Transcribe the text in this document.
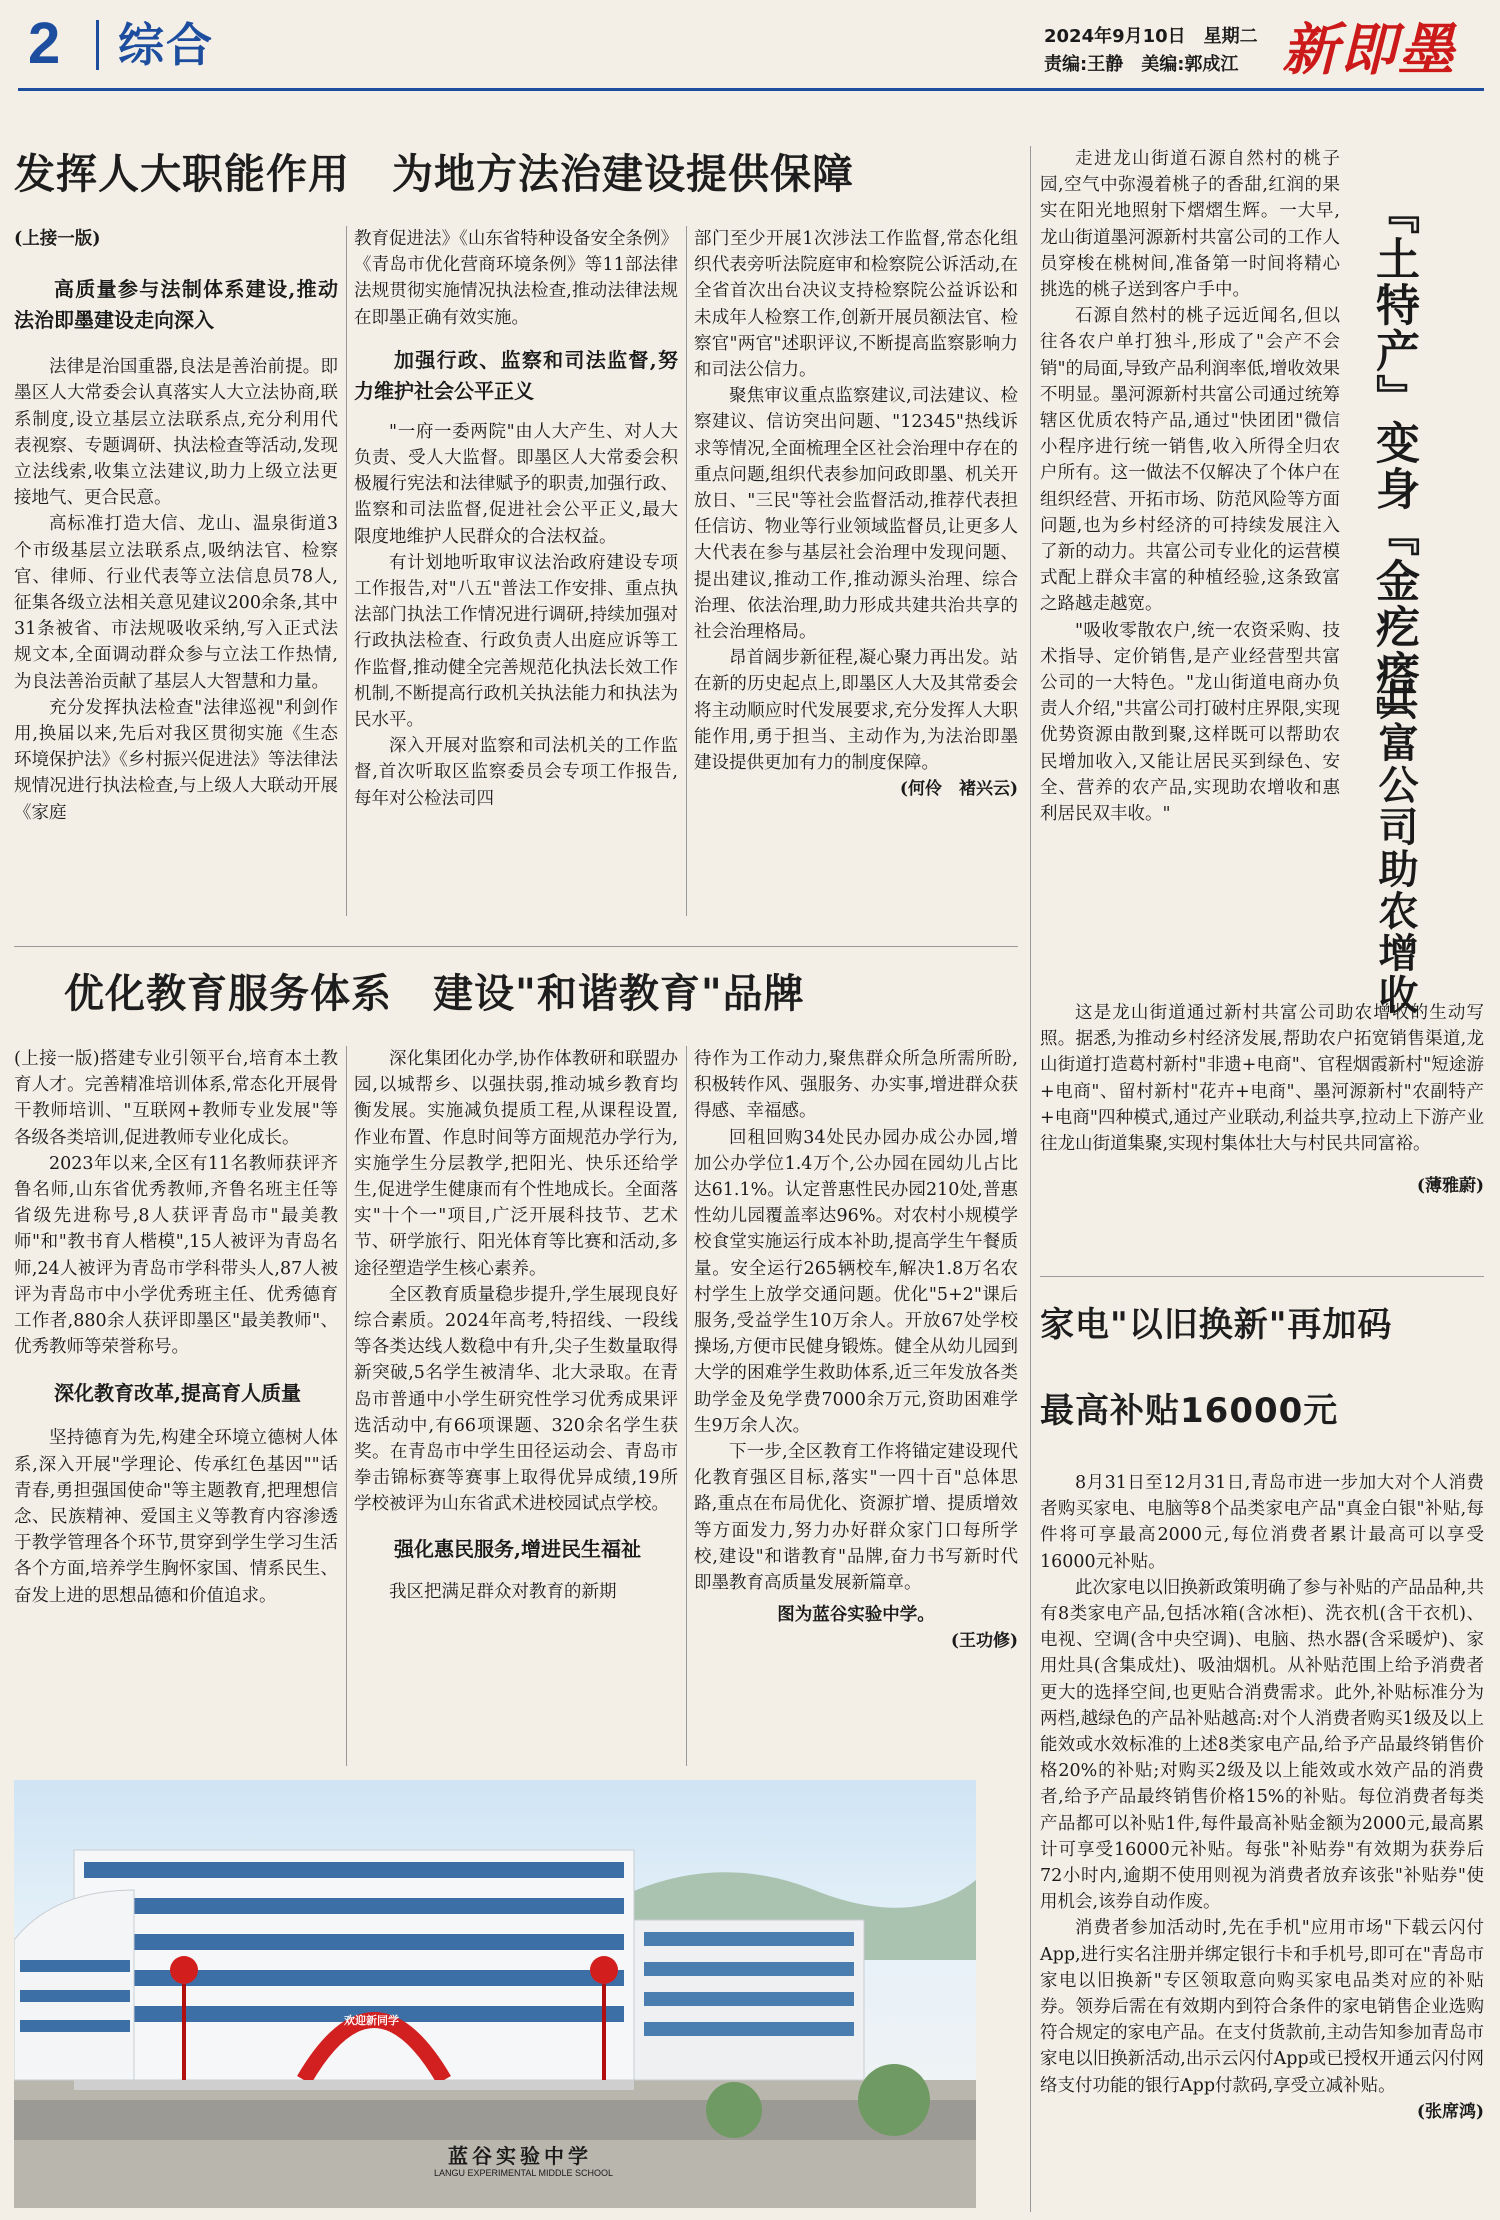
2 综合	2024年9月10日　星期二
责编:王静　美编:郭成江 新即墨
发挥人大职能作用　为地方法治建设提供保障

(上接一版)

高质量参与法制体系建设,推动法治即墨建设走向深入

法律是治国重器,良法是善治前提。即墨区人大常委会认真落实人大立法协商,联系制度,设立基层立法联系点,充分利用代表视察、专题调研、执法检查等活动,发现立法线索,收集立法建议,助力上级立法更接地气、更合民意。

高标准打造大信、龙山、温泉街道3个市级基层立法联系点,吸纳法官、检察官、律师、行业代表等立法信息员78人,征集各级立法相关意见建议200余条,其中31条被省、市法规吸收采纳,写入正式法规文本,全面调动群众参与立法工作热情,为良法善治贡献了基层人大智慧和力量。

充分发挥执法检查"法律巡视"利剑作用,换届以来,先后对我区贯彻实施《生态环境保护法》《乡村振兴促进法》等法律法规情况进行执法检查,与上级人大联动开展《家庭

教育促进法》《山东省特种设备安全条例》《青岛市优化营商环境条例》等11部法律法规贯彻实施情况执法检查,推动法律法规在即墨正确有效实施。

加强行政、监察和司法监督,努力维护社会公平正义

"一府一委两院"由人大产生、对人大负责、受人大监督。即墨区人大常委会积极履行宪法和法律赋予的职责,加强行政、监察和司法监督,促进社会公平正义,最大限度地维护人民群众的合法权益。

有计划地听取审议法治政府建设专项工作报告,对"八五"普法工作安排、重点执法部门执法工作情况进行调研,持续加强对行政执法检查、行政负责人出庭应诉等工作监督,推动健全完善规范化执法长效工作机制,不断提高行政机关执法能力和执法为民水平。

深入开展对监察和司法机关的工作监督,首次听取区监察委员会专项工作报告,每年对公检法司四

部门至少开展1次涉法工作监督,常态化组织代表旁听法院庭审和检察院公诉活动,在全省首次出台决议支持检察院公益诉讼和未成年人检察工作,创新开展员额法官、检察官"两官"述职评议,不断提高监察影响力和司法公信力。

聚焦审议重点监察建议,司法建议、检察建议、信访突出问题、"12345"热线诉求等情况,全面梳理全区社会治理中存在的重点问题,组织代表参加问政即墨、机关开放日、"三民"等社会监督活动,推荐代表担任信访、物业等行业领域监督员,让更多人大代表在参与基层社会治理中发现问题、提出建议,推动工作,推动源头治理、综合治理、依法治理,助力形成共建共治共享的社会治理格局。

昂首阔步新征程,凝心聚力再出发。站在新的历史起点上,即墨区人大及其常委会将主动顺应时代发展要求,充分发挥人大职能作用,勇于担当、主动作为,为法治即墨建设提供更加有力的制度保障。

(何伶　褚兴云)
优化教育服务体系　建设"和谐教育"品牌

(上接一版)搭建专业引领平台,培育本土教育人才。完善精准培训体系,常态化开展骨干教师培训、"互联网+教师专业发展"等各级各类培训,促进教师专业化成长。

2023年以来,全区有11名教师获评齐鲁名师,山东省优秀教师,齐鲁名班主任等省级先进称号,8人获评青岛市"最美教师"和"教书育人楷模",15人被评为青岛名师,24人被评为青岛市学科带头人,87人被评为青岛市中小学优秀班主任、优秀德育工作者,880余人获评即墨区"最美教师"、优秀教师等荣誉称号。

深化教育改革,提高育人质量

坚持德育为先,构建全环境立德树人体系,深入开展"学理论、传承红色基因""话青春,勇担强国使命"等主题教育,把理想信念、民族精神、爱国主义等教育内容渗透于教学管理各个环节,贯穿到学生学习生活各个方面,培养学生胸怀家国、情系民生、奋发上进的思想品德和价值追求。

深化集团化办学,协作体教研和联盟办园,以城帮乡、以强扶弱,推动城乡教育均衡发展。实施减负提质工程,从课程设置,作业布置、作息时间等方面规范办学行为,实施学生分层教学,把阳光、快乐还给学生,促进学生健康而有个性地成长。全面落实"十个一"项目,广泛开展科技节、艺术节、研学旅行、阳光体育等比赛和活动,多途径塑造学生核心素养。

全区教育质量稳步提升,学生展现良好综合素质。2024年高考,特招线、一段线等各类达线人数稳中有升,尖子生数量取得新突破,5名学生被清华、北大录取。在青岛市普通中小学生研究性学习优秀成果评选活动中,有66项课题、320余名学生获奖。在青岛市中学生田径运动会、青岛市拳击锦标赛等赛事上取得优异成绩,19所学校被评为山东省武术进校园试点学校。

强化惠民服务,增进民生福祉

我区把满足群众对教育的新期

待作为工作动力,聚焦群众所急所需所盼,积极转作风、强服务、办实事,增进群众获得感、幸福感。

回租回购34处民办园办成公办园,增加公办学位1.4万个,公办园在园幼儿占比达61.1%。认定普惠性民办园210处,普惠性幼儿园覆盖率达96%。对农村小规模学校食堂实施运行成本补助,提高学生午餐质量。安全运行265辆校车,解决1.8万名农村学生上放学交通问题。优化"5+2"课后服务,受益学生10万余人。开放67处学校操场,方便市民健身锻炼。健全从幼儿园到大学的困难学生救助体系,近三年发放各类助学金及免学费7000余万元,资助困难学生9万余人次。

下一步,全区教育工作将锚定建设现代化教育强区目标,落实"一四十百"总体思路,重点在布局优化、资源扩增、提质增效等方面发力,努力办好群众家门口每所学校,建设"和谐教育"品牌,奋力书写新时代即墨教育高质量发展新篇章。

图为蓝谷实验中学。
(王功修)
欢迎新同学
蓝谷实验中学
LANGU EXPERIMENTAL MIDDLE SCHOOL

走进龙山街道石源自然村的桃子园,空气中弥漫着桃子的香甜,红润的果实在阳光地照射下熠熠生辉。一大早,龙山街道墨河源新村共富公司的工作人员穿梭在桃树间,准备第一时间将精心挑选的桃子送到客户手中。

石源自然村的桃子远近闻名,但以往各农户单打独斗,形成了"会产不会销"的局面,导致产品利润率低,增收效果不明显。墨河源新村共富公司通过统筹辖区优质农特产品,通过"快团团"微信小程序进行统一销售,收入所得全归农户所有。这一做法不仅解决了个体户在组织经营、开拓市场、防范风险等方面问题,也为乡村经济的可持续发展注入了新的动力。共富公司专业化的运营模式配上群众丰富的种植经验,这条致富之路越走越宽。

"吸收零散农户,统一农资采购、技术指导、定价销售,是产业经营型共富公司的一大特色。"龙山街道电商办负责人介绍,"共富公司打破村庄界限,实现优势资源由散到聚,这样既可以帮助农民增加收入,又能让居民买到绿色、安全、营养的农产品,实现助农增收和惠利居民双丰收。"

这是龙山街道通过新村共富公司助农增收的生动写照。据悉,为推动乡村经济发展,帮助农户拓宽销售渠道,龙山街道打造葛村新村"非遗+电商"、官程烟霞新村"短途游+电商"、留村新村"花卉+电商"、墨河源新村"农副特产+电商"四种模式,通过产业联动,利益共享,拉动上下游产业往龙山街道集聚,实现村集体壮大与村民共同富裕。

(薄雅蔚)
『土特产』变身『金疙瘩』
共富公司助农增收
家电"以旧换新"再加码
最高补贴16000元

8月31日至12月31日,青岛市进一步加大对个人消费者购买家电、电脑等8个品类家电产品"真金白银"补贴,每件将可享最高2000元,每位消费者累计最高可以享受16000元补贴。

此次家电以旧换新政策明确了参与补贴的产品品种,共有8类家电产品,包括冰箱(含冰柜)、洗衣机(含干衣机)、电视、空调(含中央空调)、电脑、热水器(含采暖炉)、家用灶具(含集成灶)、吸油烟机。从补贴范围上给予消费者更大的选择空间,也更贴合消费需求。此外,补贴标准分为两档,越绿色的产品补贴越高:对个人消费者购买1级及以上能效或水效标准的上述8类家电产品,给予产品最终销售价格20%的补贴;对购买2级及以上能效或水效产品的消费者,给予产品最终销售价格15%的补贴。每位消费者每类产品都可以补贴1件,每件最高补贴金额为2000元,最高累计可享受16000元补贴。每张"补贴券"有效期为获券后72小时内,逾期不使用则视为消费者放弃该张"补贴券"使用机会,该券自动作废。

消费者参加活动时,先在手机"应用市场"下载云闪付App,进行实名注册并绑定银行卡和手机号,即可在"青岛市家电以旧换新"专区领取意向购买家电品类对应的补贴券。领券后需在有效期内到符合条件的家电销售企业选购符合规定的家电产品。在支付货款前,主动告知参加青岛市家电以旧换新活动,出示云闪付App或已授权开通云闪付网络支付功能的银行App付款码,享受立减补贴。

(张席鸿)
